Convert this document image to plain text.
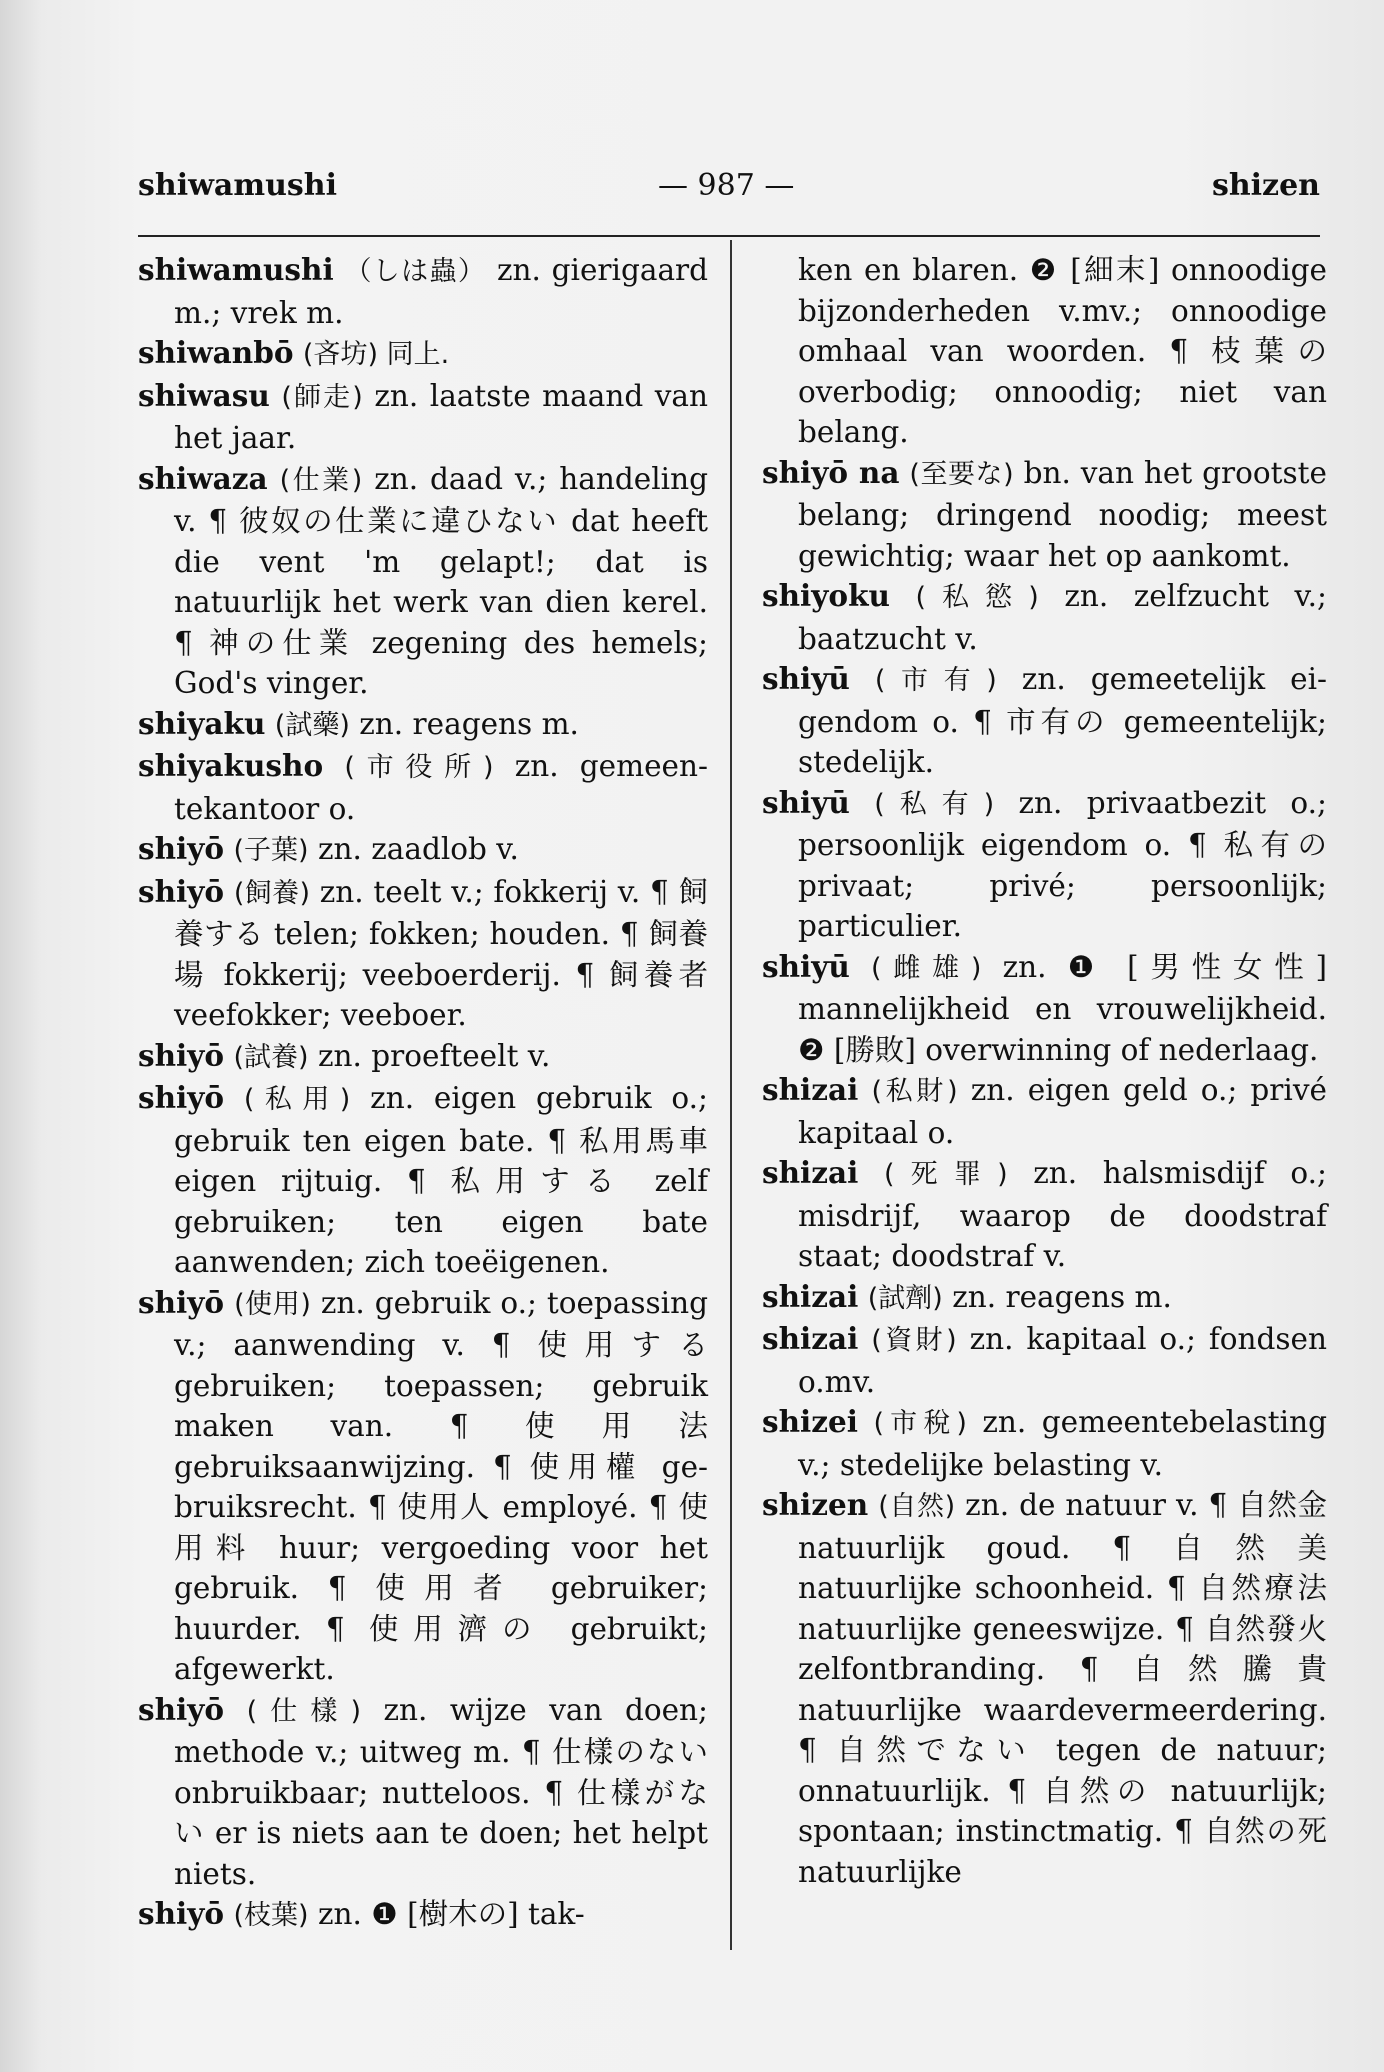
shiwamushi	— 987 —	shizen

shiwamushi （しは蟲） zn. gierigaard m.; vrek m.

shiwanbō (吝坊) 同上.

shiwasu (師走) zn. laatste maand van het jaar.

shiwaza (仕業) zn. daad v.; handeling v. ¶ 彼奴の仕業に違ひない dat heeft die vent 'm gelapt!; dat is natuurlijk het werk van dien kerel. ¶ 神の仕業 zegening des hemels; God's vinger.

shiyaku (試藥) zn. reagens m.

shiyakusho (市役所) zn. gemeentekantoor o.

shiyō (子葉) zn. zaadlob v.

shiyō (飼養) zn. teelt v.; fokkerij v. ¶ 飼養する telen; fokken; houden. ¶ 飼養場 fokkerij; veeboerderij. ¶ 飼養者 veefokker; veeboer.

shiyō (試養) zn. proefteelt v.

shiyō (私用) zn. eigen gebruik o.; gebruik ten eigen bate. ¶ 私用馬車 eigen rijtuig. ¶ 私用する zelf gebruiken; ten eigen bate aanwenden; zich toeëigenen.

shiyō (使用) zn. gebruik o.; toepassing v.; aanwending v. ¶ 使用する gebruiken; toepassen; gebruik maken van. ¶ 使用法 gebruiksaanwijzing. ¶ 使用權 gebruiksrecht. ¶ 使用人 employé. ¶ 使用料 huur; vergoeding voor het gebruik. ¶ 使用者 gebruiker; huurder. ¶ 使用濟の gebruikt; afgewerkt.

shiyō (仕樣) zn. wijze van doen; methode v.; uitweg m. ¶ 仕樣のない onbruikbaar; nutteloos. ¶ 仕樣がない er is niets aan te doen; het helpt niets.

shiyō (枝葉) zn. ❶ [樹木の] tak-

ken en blaren. ❷ [細末] onnoodige bijzonderheden v.mv.; onnoodige omhaal van woorden. ¶ 枝葉の overbodig; onnoodig; niet van belang.

shiyō na (至要な) bn. van het grootste belang; dringend noodig; meest gewichtig; waar het op aankomt.

shiyoku (私慾) zn. zelfzucht v.; baatzucht v.

shiyū (市有) zn. gemeetelijk eigendom o. ¶ 市有の gemeentelijk; stedelijk.

shiyū (私有) zn. privaatbezit o.; persoonlijk eigendom o. ¶ 私有の privaat; privé; persoonlijk; particulier.

shiyū (雌雄) zn. ❶ [男性女性] mannelijkheid en vrouwelijkheid. ❷ [勝敗] overwinning of nederlaag.

shizai (私財) zn. eigen geld o.; privé kapitaal o.

shizai (死罪) zn. halsmisdijf o.; misdrijf, waarop de doodstraf staat; doodstraf v.

shizai (試劑) zn. reagens m.

shizai (資財) zn. kapitaal o.; fondsen o.mv.

shizei (市稅) zn. gemeentebelasting v.; stedelijke belasting v.

shizen (自然) zn. de natuur v. ¶ 自然金 natuurlijk goud. ¶ 自然美 natuurlijke schoonheid. ¶ 自然療法 natuurlijke geneeswijze. ¶ 自然發火 zelfontbranding. ¶ 自然騰貴 natuurlijke waardevermeerdering. ¶ 自然でない tegen de natuur; onnatuurlijk. ¶ 自然の natuurlijk; spontaan; instinctmatig. ¶ 自然の死 natuurlijke
